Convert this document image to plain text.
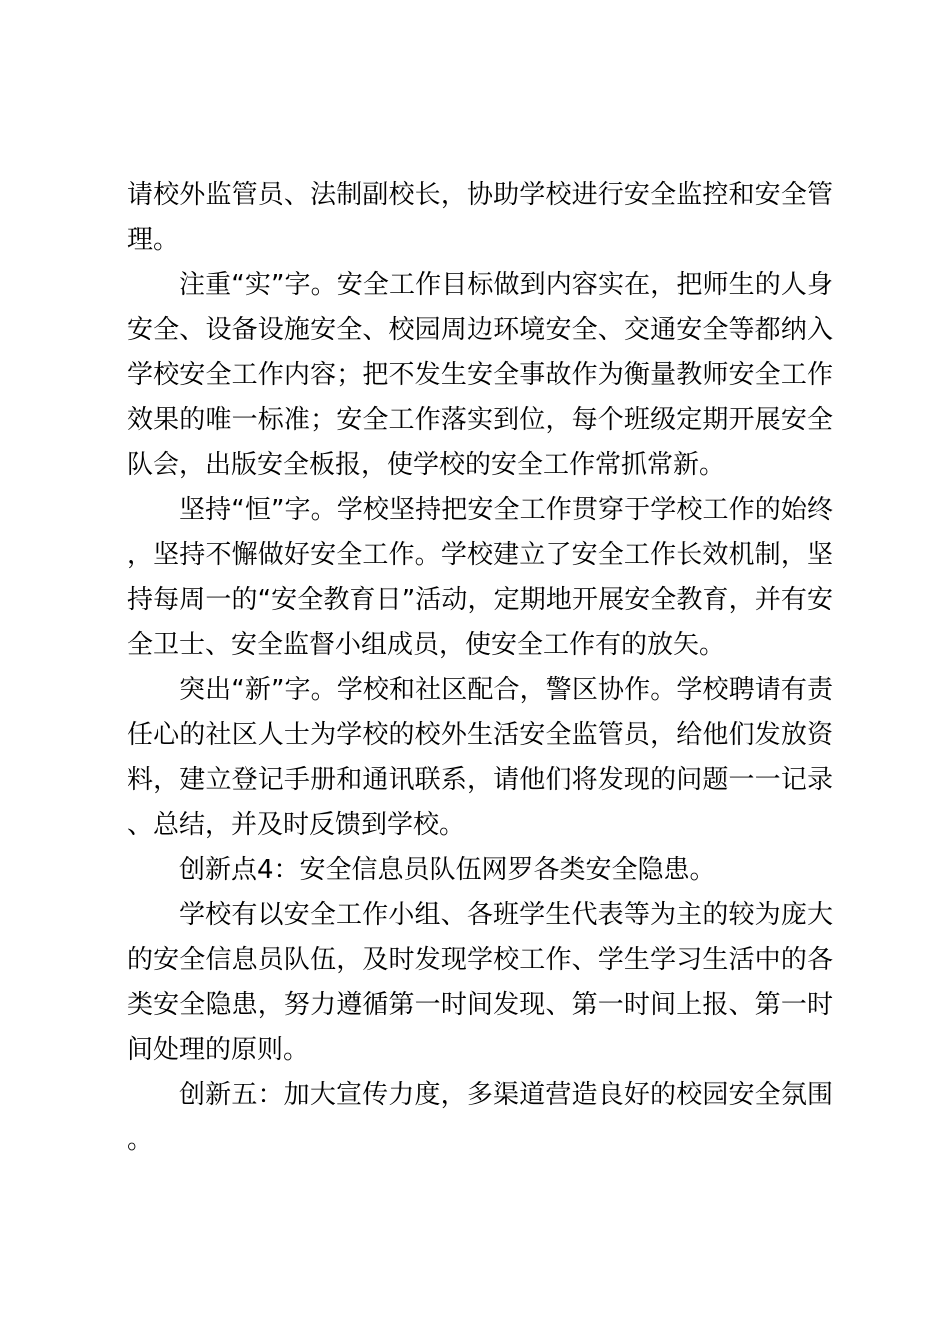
请校外监管员、法制副校长，协助学校进行安全监控和安全管理。

注重“实”字。安全工作目标做到内容实在，把师生的人身安全、设备设施安全、校园周边环境安全、交通安全等都纳入学校安全工作内容；把不发生安全事故作为衡量教师安全工作效果的唯一标准；安全工作落实到位，每个班级定期开展安全队会，出版安全板报，使学校的安全工作常抓常新。

坚持“恒”字。学校坚持把安全工作贯穿于学校工作的始终，坚持不懈做好安全工作。学校建立了安全工作长效机制，坚持每周一的“安全教育日”活动，定期地开展安全教育，并有安全卫士、安全监督小组成员，使安全工作有的放矢。

突出“新”字。学校和社区配合，警区协作。学校聘请有责任心的社区人士为学校的校外生活安全监管员，给他们发放资料，建立登记手册和通讯联系，请他们将发现的问题一一记录、总结，并及时反馈到学校。

创新点4：安全信息员队伍网罗各类安全隐患。

学校有以安全工作小组、各班学生代表等为主的较为庞大的安全信息员队伍，及时发现学校工作、学生学习生活中的各类安全隐患，努力遵循第一时间发现、第一时间上报、第一时间处理的原则。

创新五：加大宣传力度，多渠道营造良好的校园安全氛围。
